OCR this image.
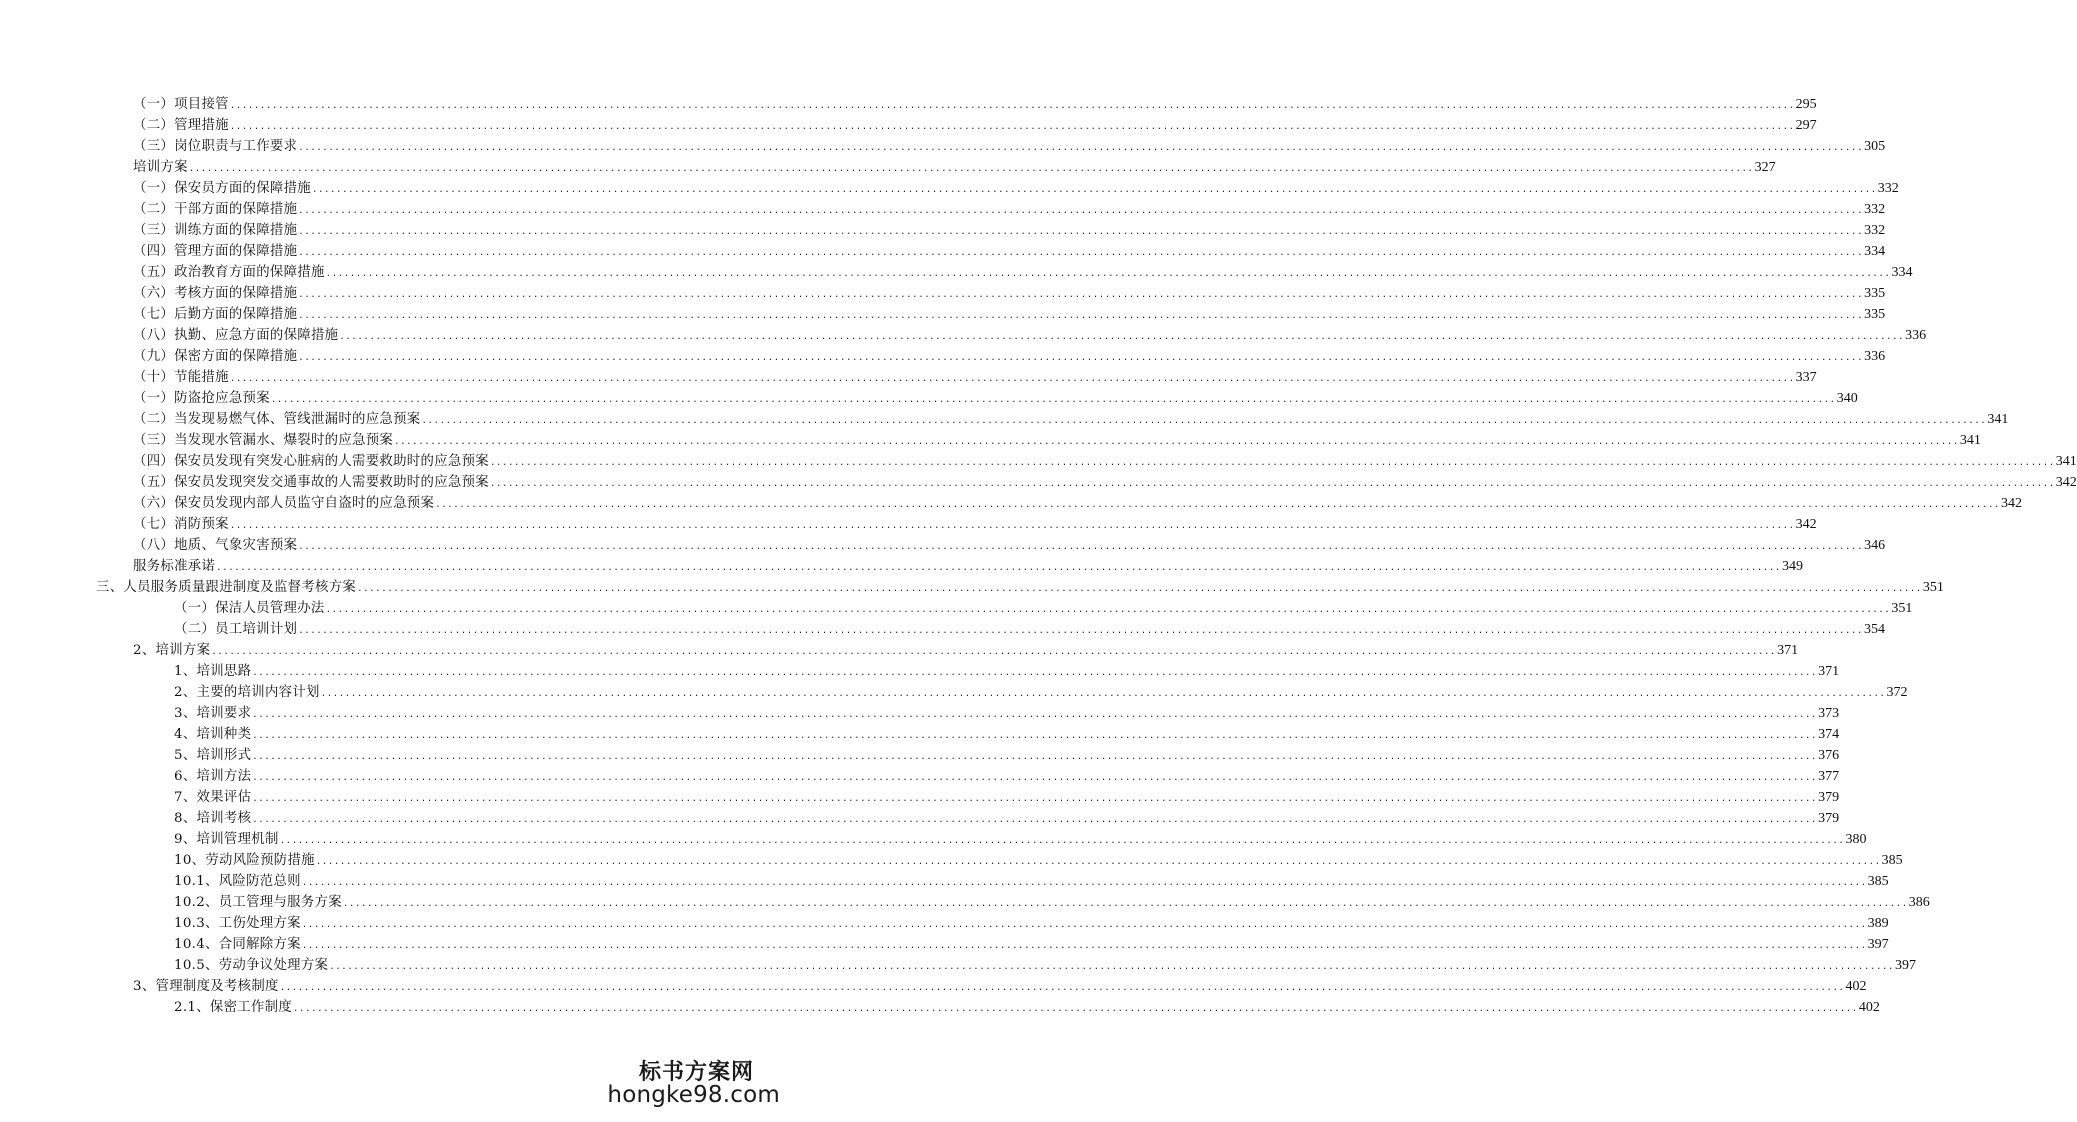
（一）项目接管 .................................................................................................................................................................................................................................................................... 295
（二）管理措施 .................................................................................................................................................................................................................................................................... 297
（三）岗位职责与工作要求 .................................................................................................................................................................................................................................................................... 305
培训方案 .................................................................................................................................................................................................................................................................... 327
（一）保安员方面的保障措施 .................................................................................................................................................................................................................................................................... 332
（二）干部方面的保障措施 .................................................................................................................................................................................................................................................................... 332
（三）训练方面的保障措施 .................................................................................................................................................................................................................................................................... 332
（四）管理方面的保障措施 .................................................................................................................................................................................................................................................................... 334
（五）政治教育方面的保障措施 .................................................................................................................................................................................................................................................................... 334
（六）考核方面的保障措施 .................................................................................................................................................................................................................................................................... 335
（七）后勤方面的保障措施 .................................................................................................................................................................................................................................................................... 335
（八）执勤、应急方面的保障措施 .................................................................................................................................................................................................................................................................... 336
（九）保密方面的保障措施 .................................................................................................................................................................................................................................................................... 336
（十）节能措施 .................................................................................................................................................................................................................................................................... 337
（一）防盗抢应急预案 .................................................................................................................................................................................................................................................................... 340
（二）当发现易燃气体、管线泄漏时的应急预案 .................................................................................................................................................................................................................................................................... 341
（三）当发现水管漏水、爆裂时的应急预案 .................................................................................................................................................................................................................................................................... 341
（四）保安员发现有突发心脏病的人需要救助时的应急预案 .................................................................................................................................................................................................................................................................... 341
（五）保安员发现突发交通事故的人需要救助时的应急预案 .................................................................................................................................................................................................................................................................... 342
（六）保安员发现内部人员监守自盗时的应急预案 .................................................................................................................................................................................................................................................................... 342
（七）消防预案 .................................................................................................................................................................................................................................................................... 342
（八）地质、气象灾害预案 .................................................................................................................................................................................................................................................................... 346
服务标准承诺 .................................................................................................................................................................................................................................................................... 349
三、人员服务质量跟进制度及监督考核方案 .................................................................................................................................................................................................................................................................... 351
（一）保洁人员管理办法 .................................................................................................................................................................................................................................................................... 351
（二）员工培训计划 .................................................................................................................................................................................................................................................................... 354
2、培训方案 .................................................................................................................................................................................................................................................................... 371
1、培训思路 .................................................................................................................................................................................................................................................................... 371
2、主要的培训内容计划 .................................................................................................................................................................................................................................................................... 372
3、培训要求 .................................................................................................................................................................................................................................................................... 373
4、培训种类 .................................................................................................................................................................................................................................................................... 374
5、培训形式 .................................................................................................................................................................................................................................................................... 376
6、培训方法 .................................................................................................................................................................................................................................................................... 377
7、效果评估 .................................................................................................................................................................................................................................................................... 379
8、培训考核 .................................................................................................................................................................................................................................................................... 379
9、培训管理机制 .................................................................................................................................................................................................................................................................... 380
10、劳动风险预防措施 .................................................................................................................................................................................................................................................................... 385
10.1、风险防范总则 .................................................................................................................................................................................................................................................................... 385
10.2、员工管理与服务方案 .................................................................................................................................................................................................................................................................... 386
10.3、工伤处理方案 .................................................................................................................................................................................................................................................................... 389
10.4、合同解除方案 .................................................................................................................................................................................................................................................................... 397
10.5、劳动争议处理方案 .................................................................................................................................................................................................................................................................... 397
3、管理制度及考核制度 .................................................................................................................................................................................................................................................................... 402
2.1、保密工作制度 .................................................................................................................................................................................................................................................................... 402
标书方案网
hongke98.com
